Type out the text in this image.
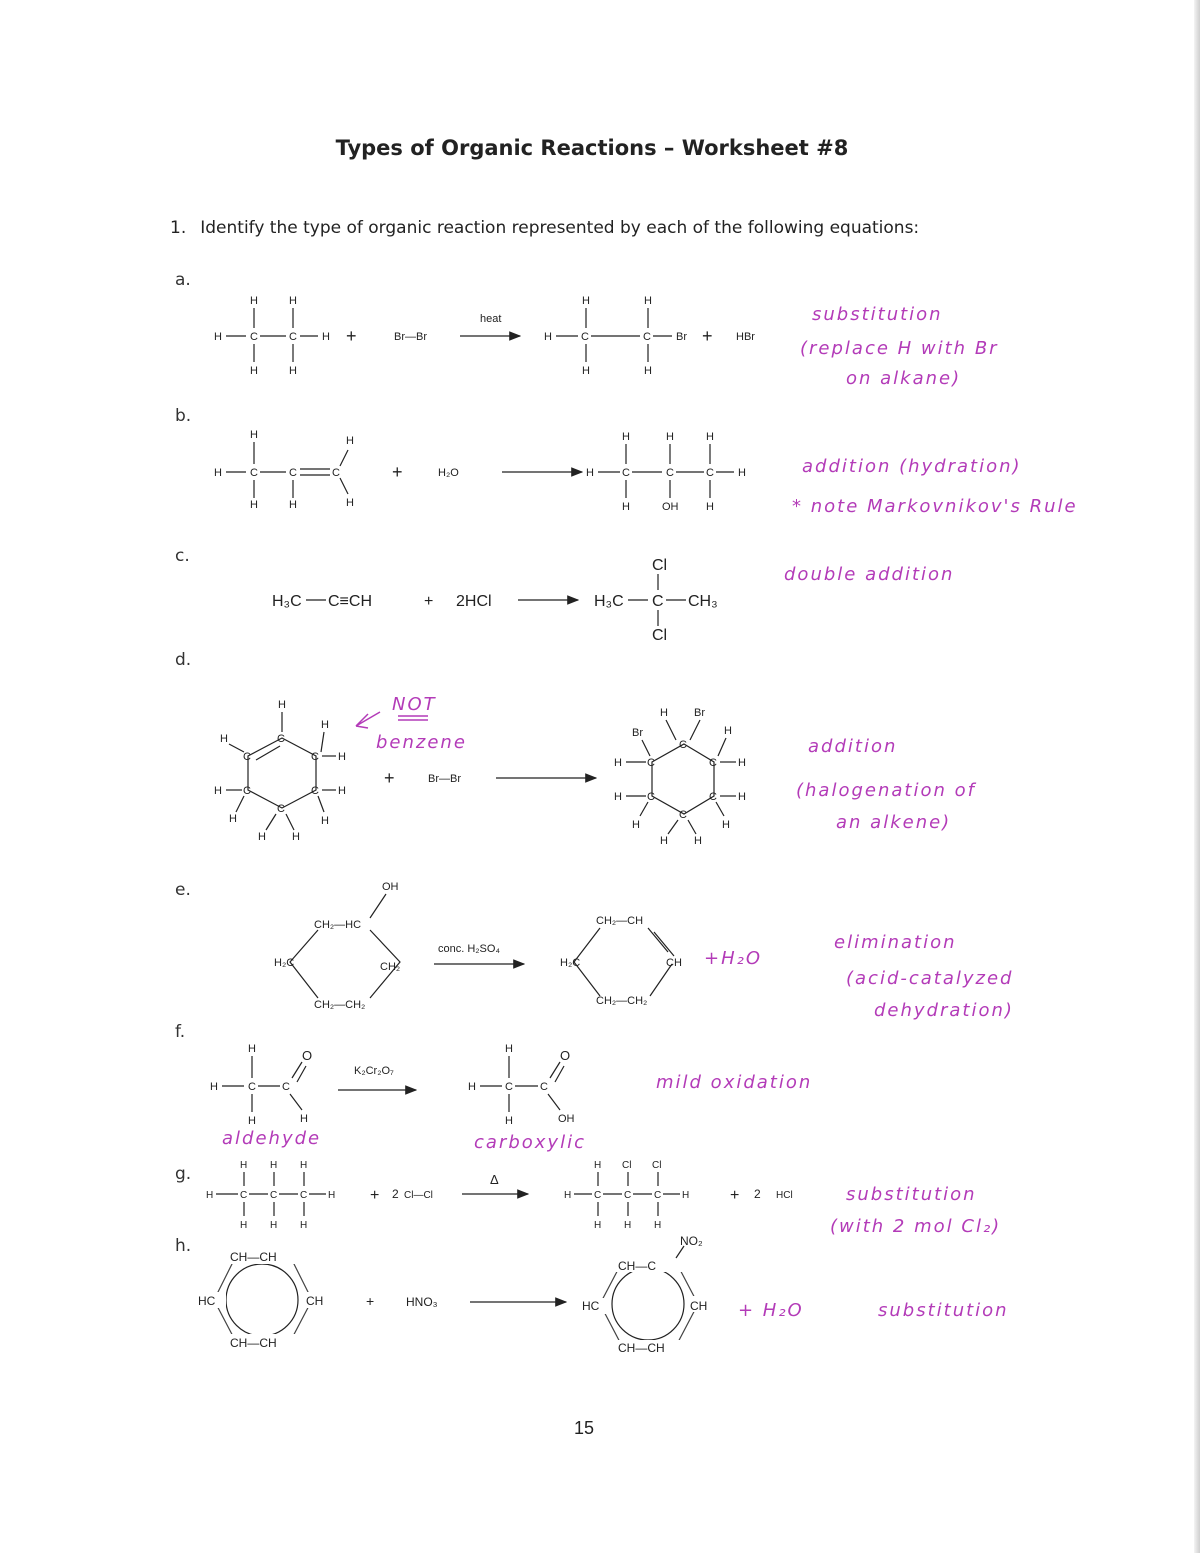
Types of Organic Reactions – Worksheet #8
1. Identify the type of organic reaction represented by each of the following equations:
a.
b.
c.
d.
e.
f.
g.
h.
H	C	C H
H	H
H	H
+	Br—Br
heat
H	C	C Br
H	H
H	H
+ HBr
H	C	C	C
H
H
H
H	H
+	H₂O	H	C	C	C H
H	H	H
H	OH	H
H₃C C≡CH	+ 2HCl	H₃C C CH₃
Cl
Cl
C
C
C
C
C
C
H
H
H
H
H
H
H
H H
H
+	Br—Br
C
C
C
C
C
C
Br
H Br
H
H
H
H
H
H
H
H H
OH
CH₂—HC
H₂C	CH₂
CH₂—CH₂
conc. H₂SO₄
CH₂—CH
H₂C	CH
CH₂—CH₂
H	C C
O
H
H
H
K₂Cr₂O₇
H	C C
O
OH
H
H
H	C C C H
H H H
H H H
+ 2 Cl—Cl
Δ
H C C C H
H Cl Cl
H H H
+ 2 HCl
CH—CH
HC	CH
CH—CH
+	HNO₃
CH—C
NO₂
HC	CH
CH—CH
substitution
(replace H with Br
on alkane)
addition (hydration)
* note Markovnikov's Rule
double addition
NOT
benzene	addition
(halogenation of
an alkene)
+H₂O
elimination
(acid-catalyzed
dehydration)
mild oxidation
aldehyde	carboxylic
substitution
(with 2 mol Cl₂)
+ H₂O	substitution
15
